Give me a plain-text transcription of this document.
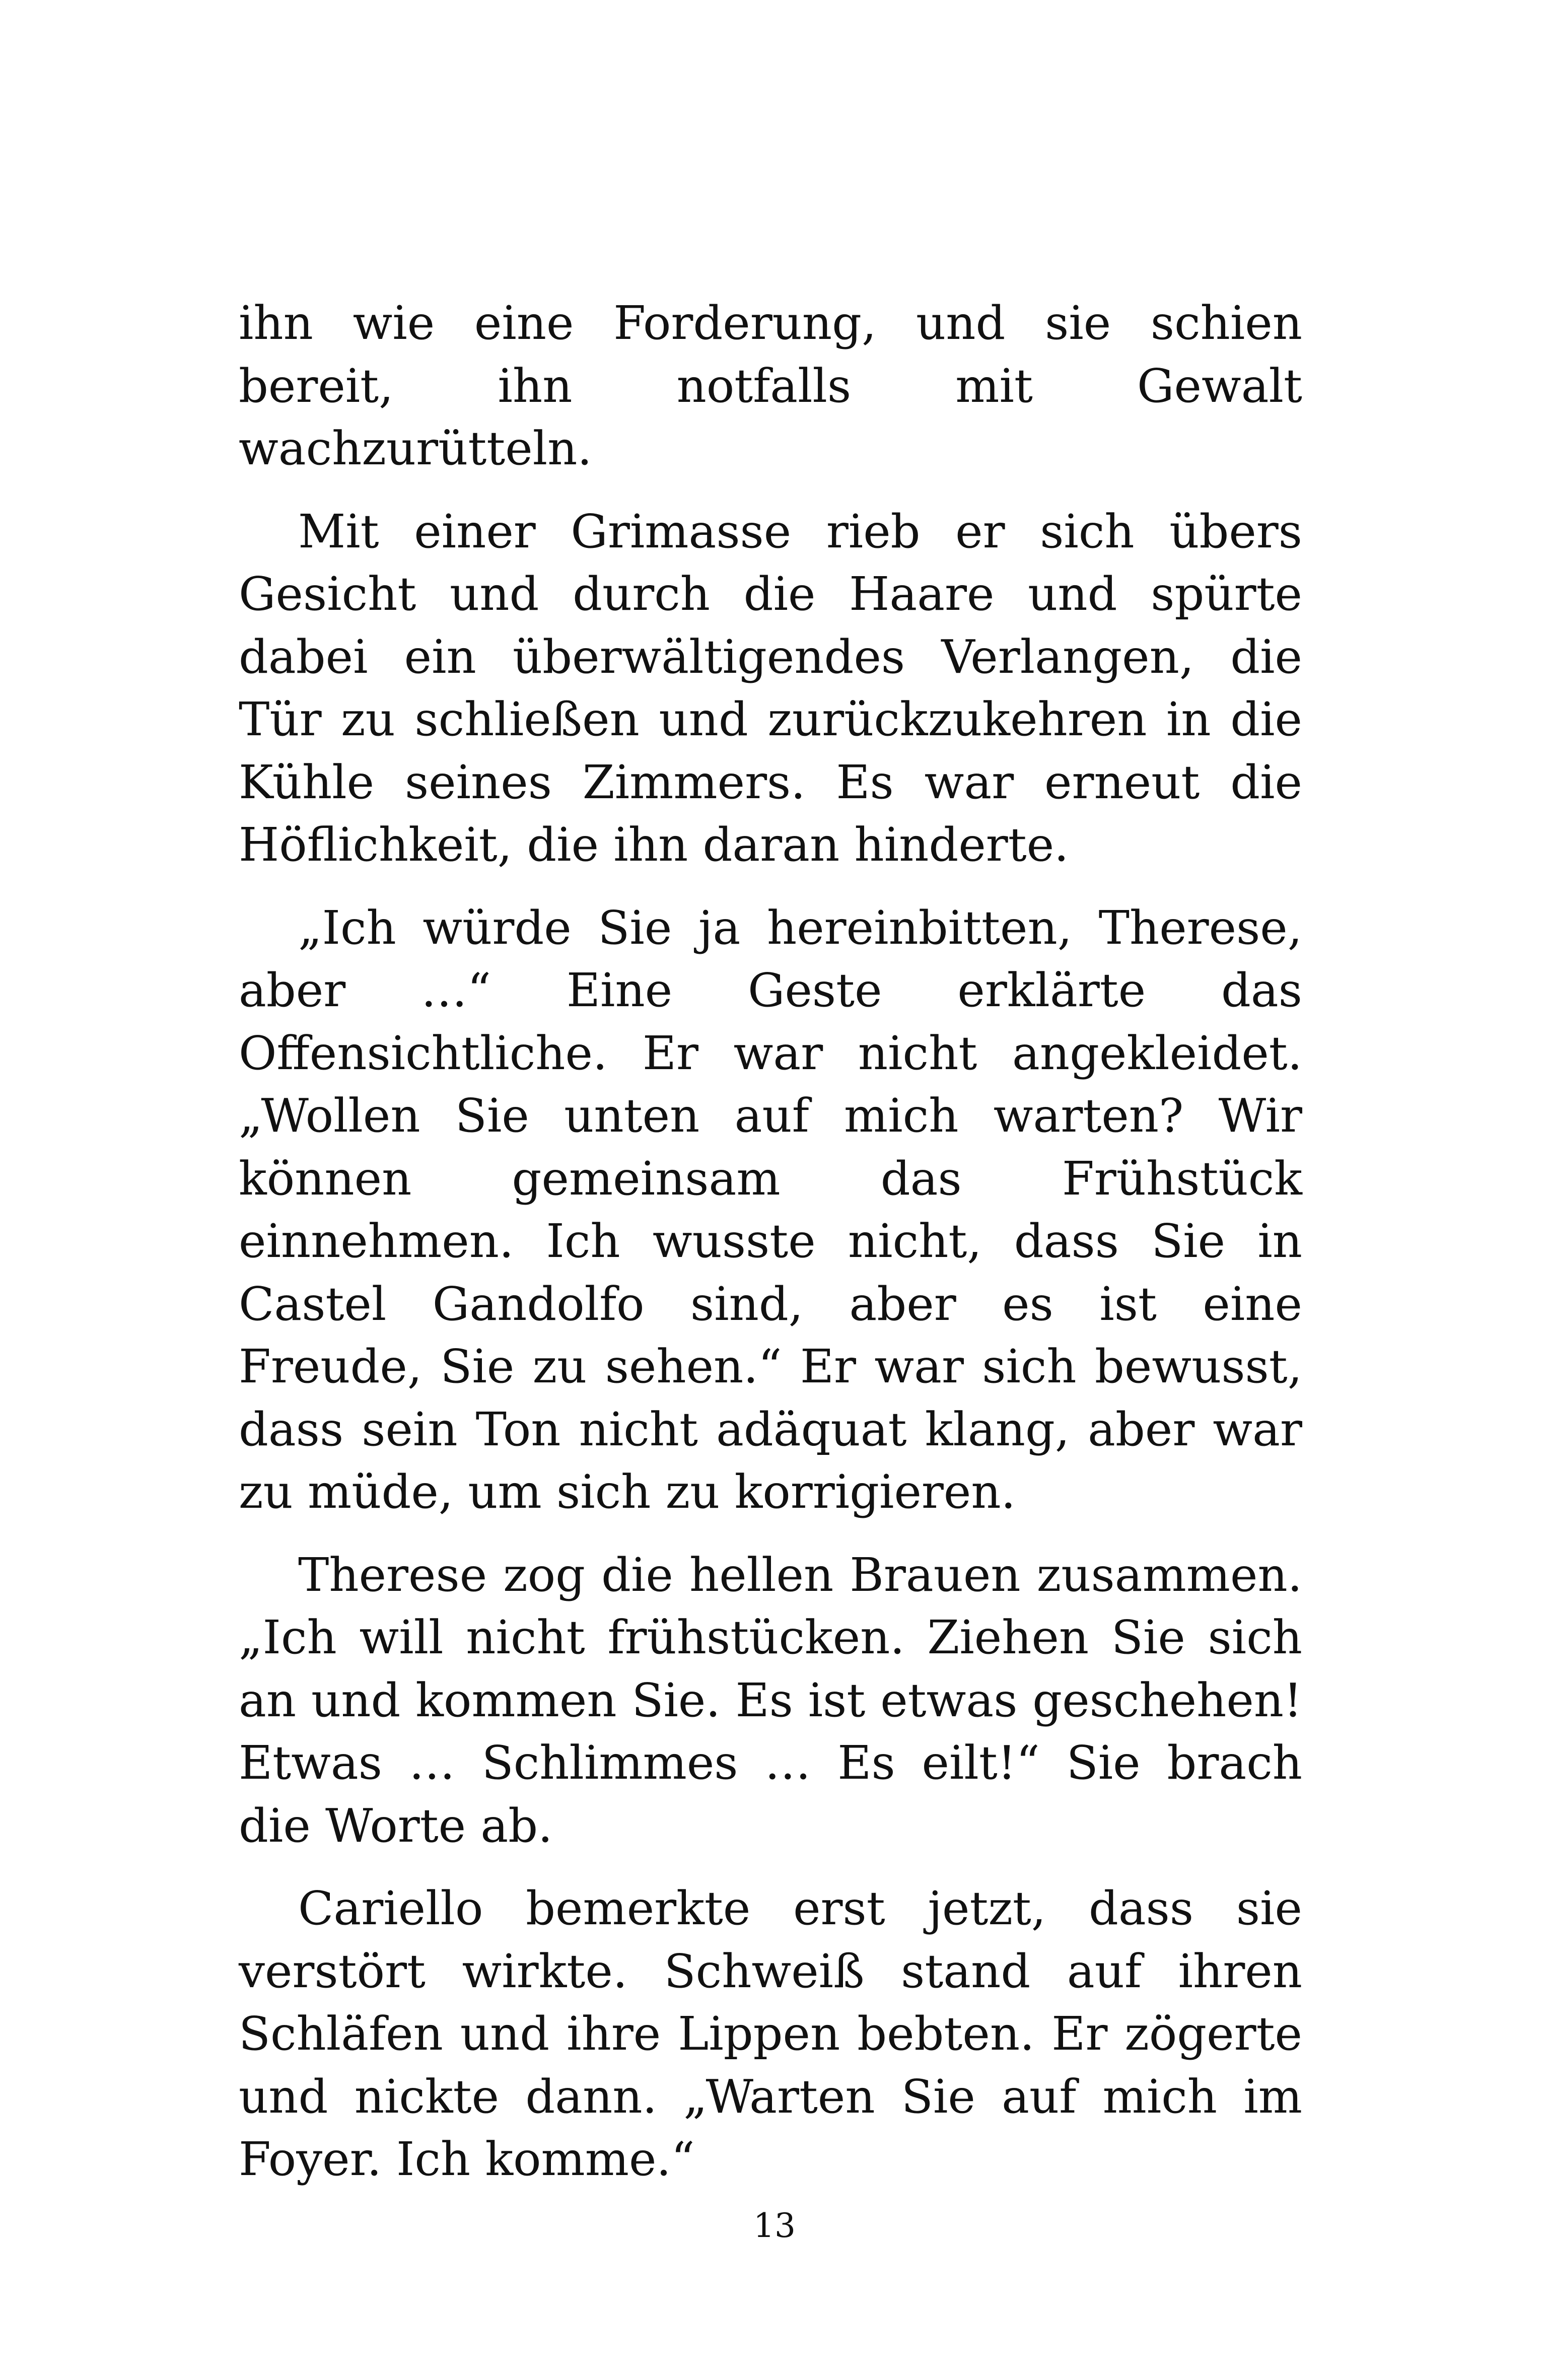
ihn wie eine Forderung, und sie schien bereit, ihn notfalls mit Gewalt wachzurütteln.

Mit einer Grimasse rieb er sich übers Gesicht und durch die Haare und spürte dabei ein überwältigendes Verlangen, die Tür zu schließen und zurückzukehren in die Kühle seines Zimmers. Es war erneut die Höflichkeit, die ihn daran hinderte.

„Ich würde Sie ja hereinbitten, Therese, aber …“ Eine Geste erklärte das Offensichtliche. Er war nicht angekleidet. „Wollen Sie unten auf mich warten? Wir können gemeinsam das Frühstück einnehmen. Ich wusste nicht, dass Sie in Castel Gandolfo sind, aber es ist eine Freude, Sie zu sehen.“ Er war sich bewusst, dass sein Ton nicht adäquat klang, aber war zu müde, um sich zu korrigieren.

Therese zog die hellen Brauen zusammen. „Ich will nicht frühstücken. Ziehen Sie sich an und kommen Sie. Es ist etwas geschehen! Etwas … Schlimmes … Es eilt!“ Sie brach die Worte ab.

Cariello bemerkte erst jetzt, dass sie verstört wirkte. Schweiß stand auf ihren Schläfen und ihre Lippen bebten. Er zögerte und nickte dann. „Warten Sie auf mich im Foyer. Ich komme.“

13
